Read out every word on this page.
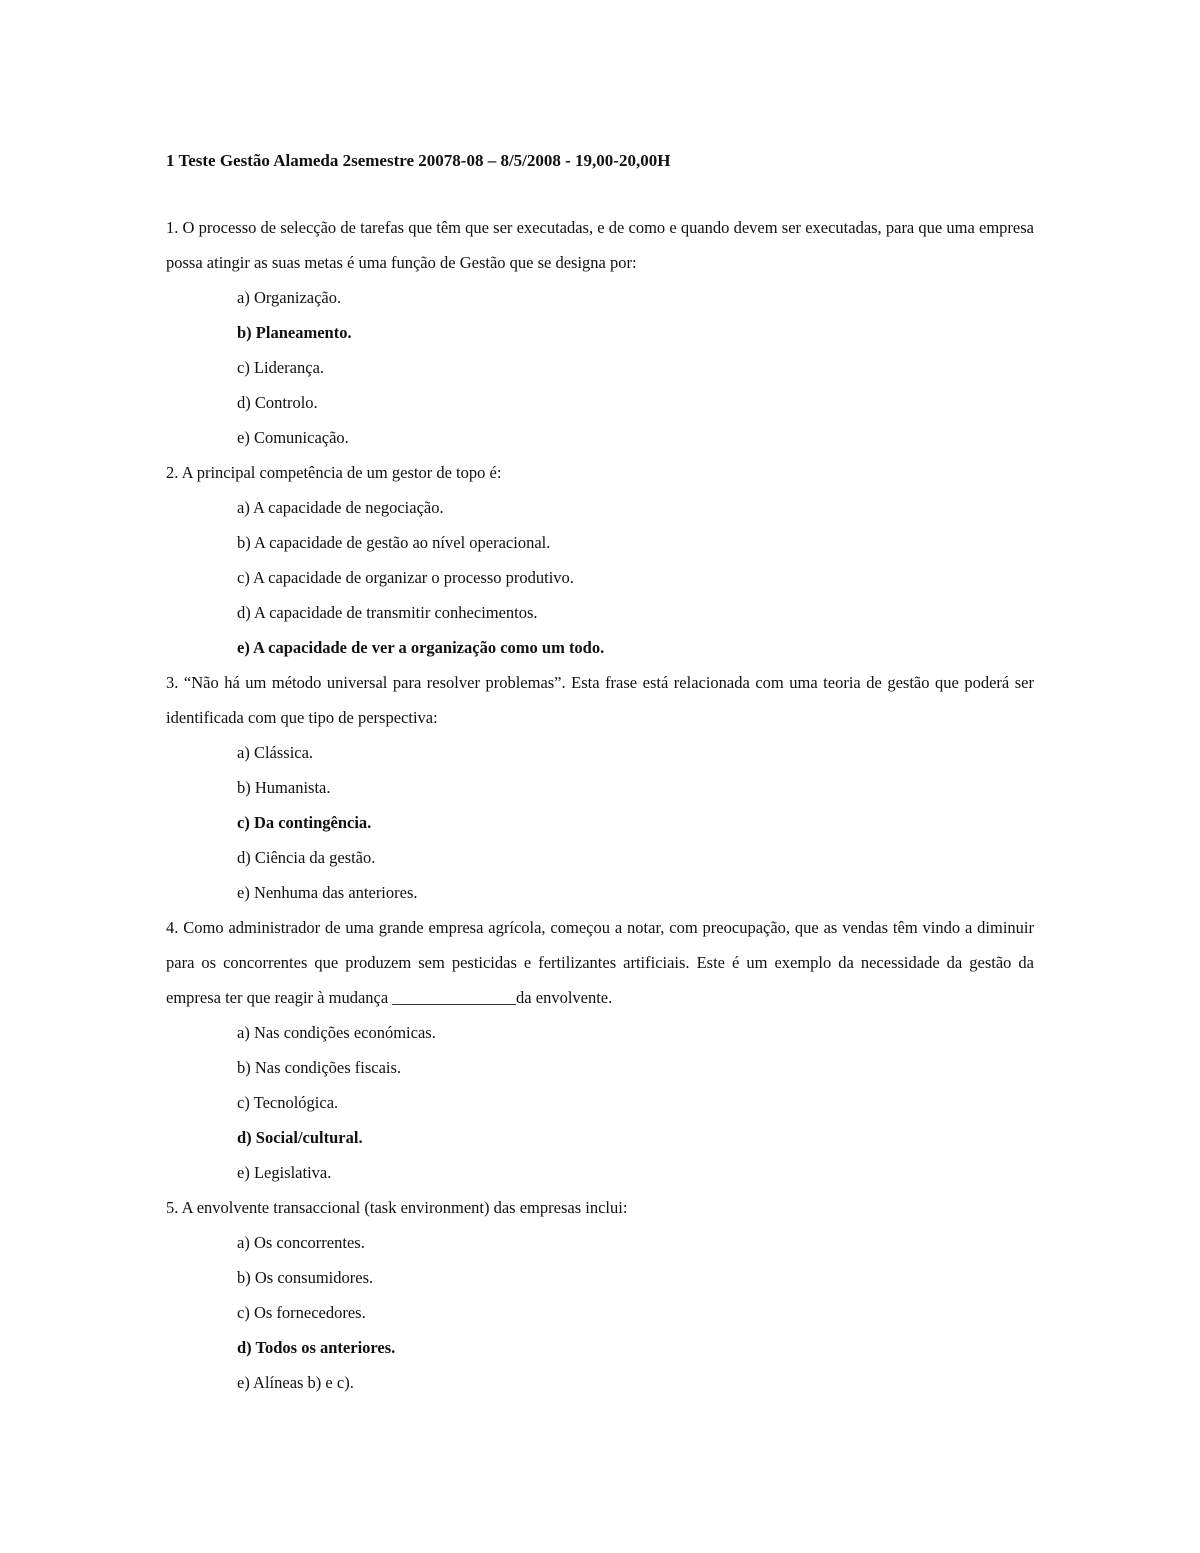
1 Teste Gestão Alameda 2semestre 20078-08 – 8/5/2008 - 19,00-20,00H

1. O processo de selecção de tarefas que têm que ser executadas, e de como e quando devem ser executadas, para que uma empresa possa atingir as suas metas é uma função de Gestão que se designa por:

a) Organização.
b) Planeamento.
c) Liderança.
d) Controlo.
e) Comunicação.

2. A principal competência de um gestor de topo é:

a) A capacidade de negociação.
b) A capacidade de gestão ao nível operacional.
c) A capacidade de organizar o processo produtivo.
d) A capacidade de transmitir conhecimentos.
e) A capacidade de ver a organização como um todo.

3. “Não há um método universal para resolver problemas”. Esta frase está relacionada com uma teoria de gestão que poderá ser identificada com que tipo de perspectiva:

a) Clássica.
b) Humanista.
c) Da contingência.
d) Ciência da gestão.
e) Nenhuma das anteriores.

4. Como administrador de uma grande empresa agrícola, começou a notar, com preocupação, que as vendas têm vindo a diminuir para os concorrentes que produzem sem pesticidas e fertilizantes artificiais. Este é um exemplo da necessidade da gestão da empresa ter que reagir à mudança _______________da envolvente.

a) Nas condições económicas.
b) Nas condições fiscais.
c) Tecnológica.
d) Social/cultural.
e) Legislativa.

5. A envolvente transaccional (task environment) das empresas inclui:

a) Os concorrentes.
b) Os consumidores.
c) Os fornecedores.
d) Todos os anteriores.
e) Alíneas b) e c).
